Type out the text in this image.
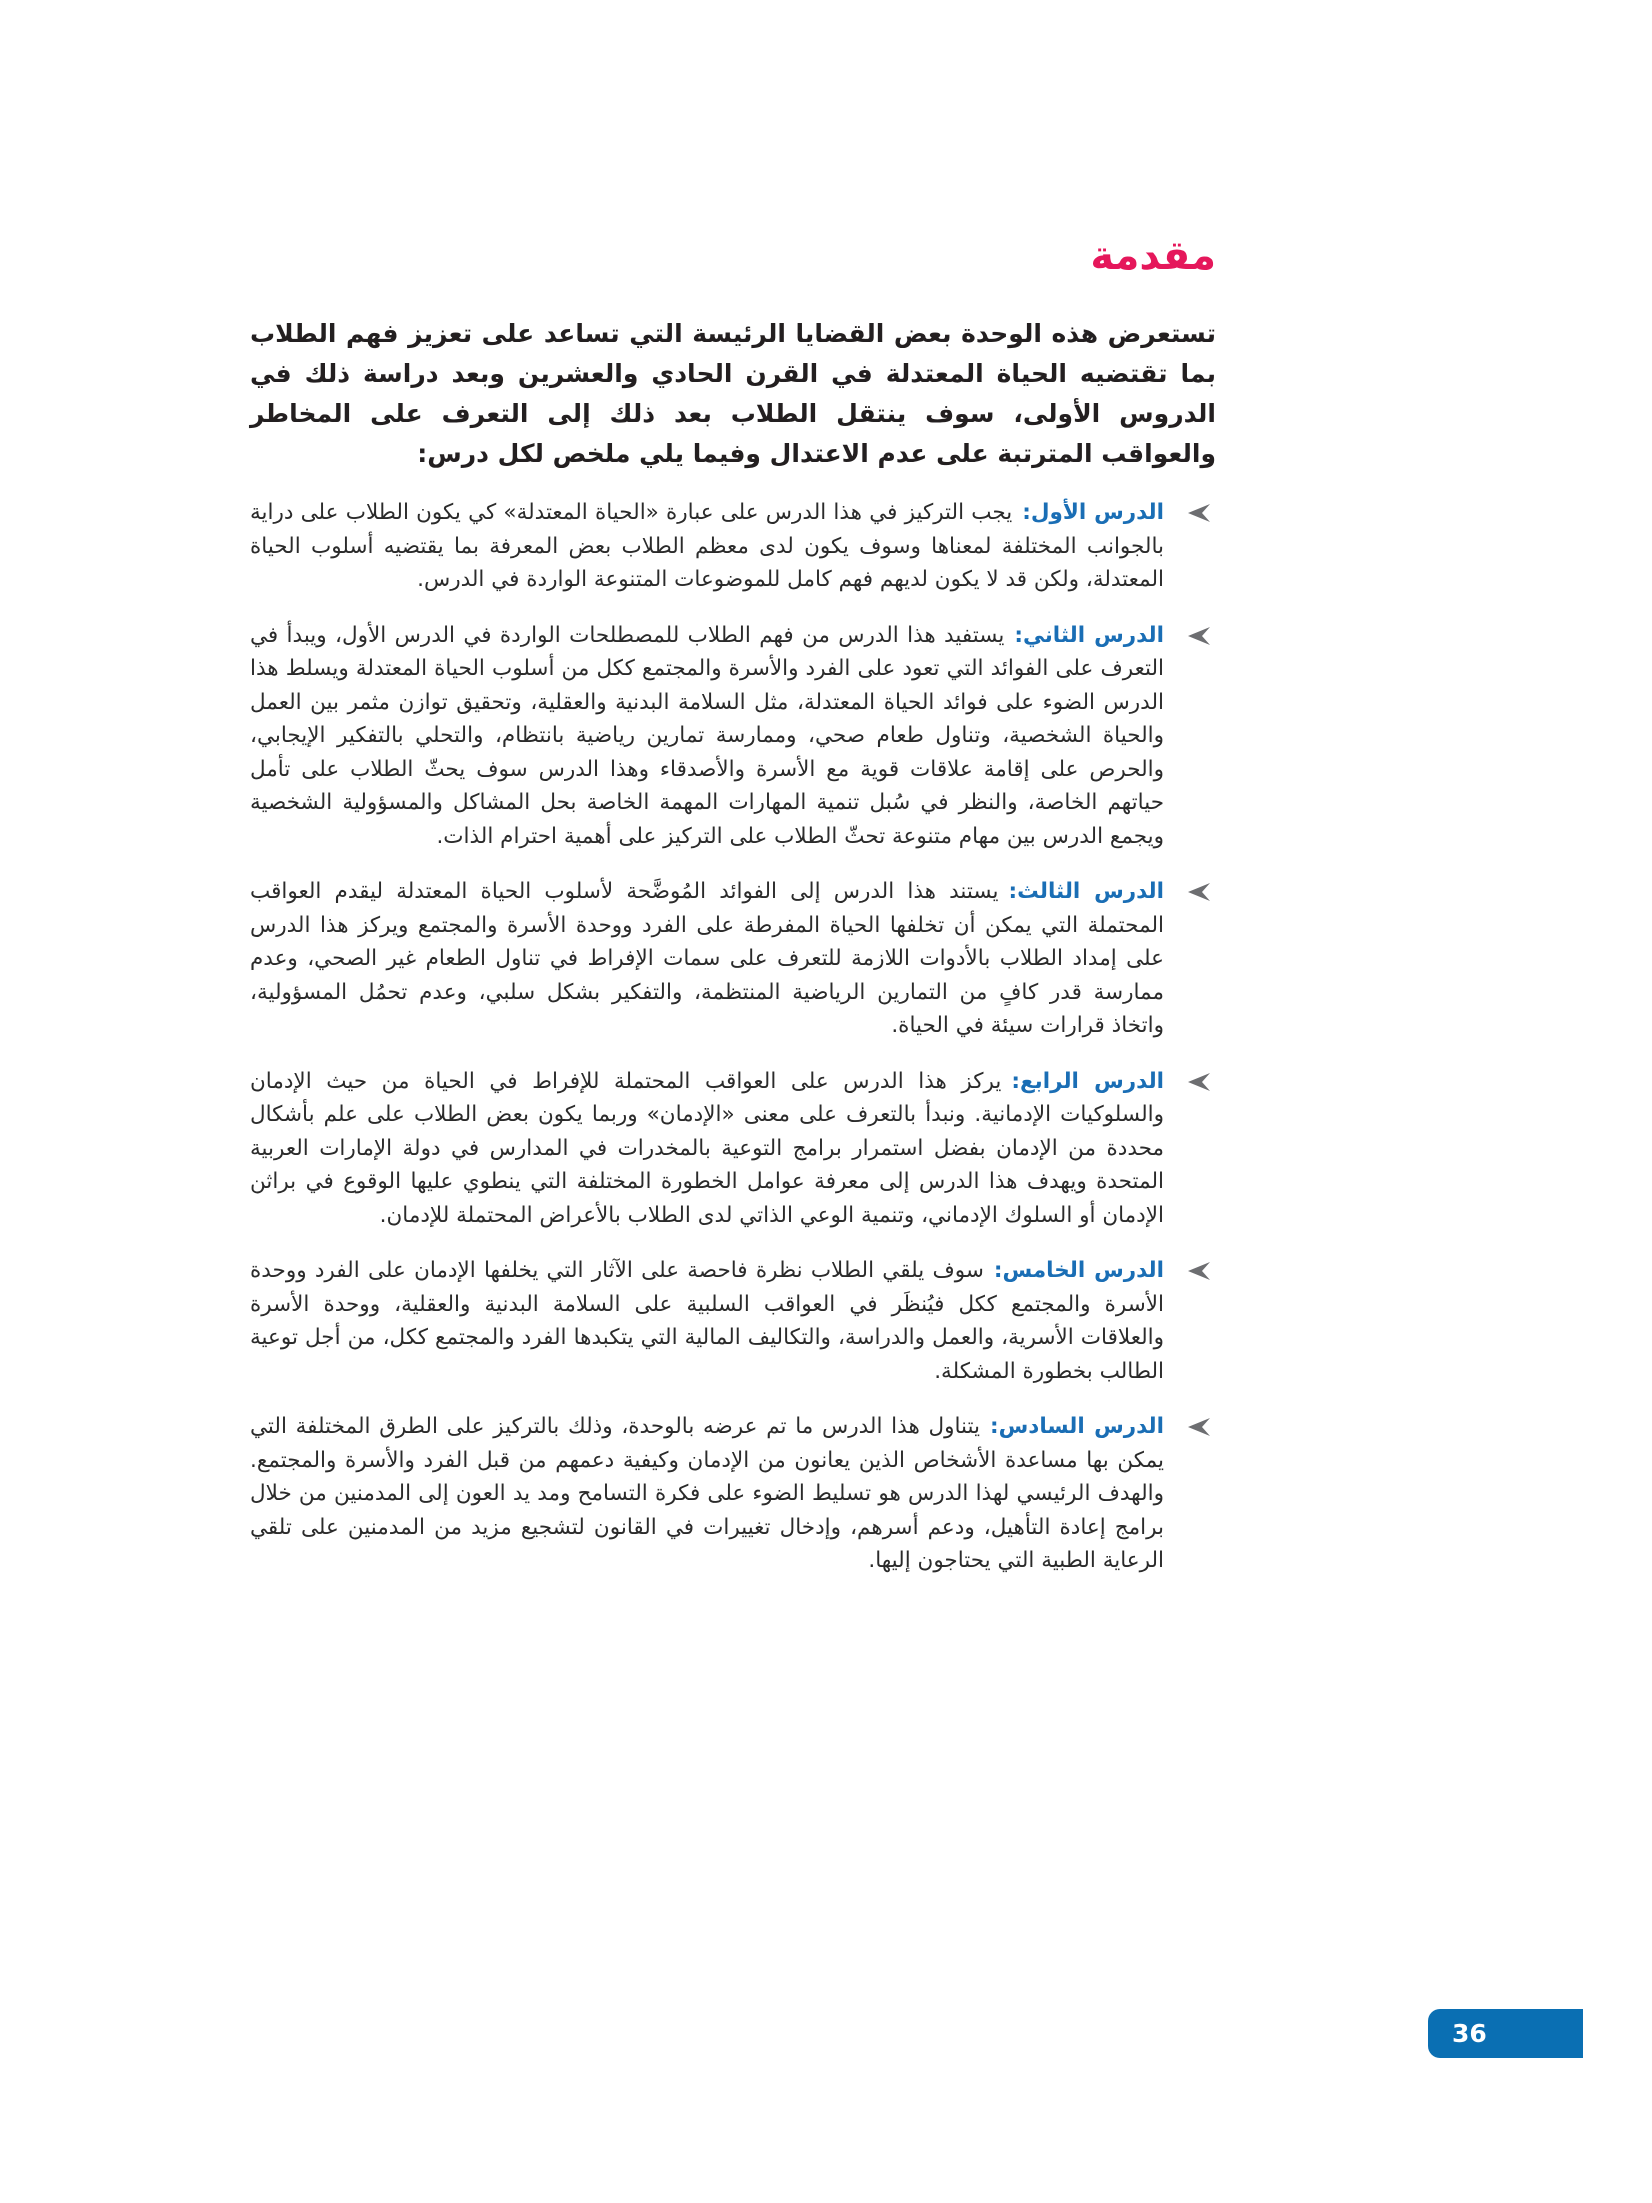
مقدمة

تستعرض هذه الوحدة بعض القضايا الرئيسة التي تساعد على تعزيز فهم الطلاب بما تقتضيه الحياة المعتدلة في القرن الحادي والعشرين وبعد دراسة ذلك في الدروس الأولى، سوف ينتقل الطلاب بعد ذلك إلى التعرف على المخاطر والعواقب المترتبة على عدم الاعتدال وفيما يلي ملخص لكل درس:

الدرس الأول:يجب التركيز في هذا الدرس على عبارة «الحياة المعتدلة» كي يكون الطلاب على دراية بالجوانب المختلفة لمعناها وسوف يكون لدى معظم الطلاب بعض المعرفة بما يقتضيه أسلوب الحياة المعتدلة، ولكن قد لا يكون لديهم فهم كامل للموضوعات المتنوعة الواردة في الدرس.
الدرس الثاني:يستفيد هذا الدرس من فهم الطلاب للمصطلحات الواردة في الدرس الأول، ويبدأ في التعرف على الفوائد التي تعود على الفرد والأسرة والمجتمع ككل من أسلوب الحياة المعتدلة ويسلط هذا الدرس الضوء على فوائد الحياة المعتدلة، مثل السلامة البدنية والعقلية، وتحقيق توازن مثمر بين العمل والحياة الشخصية، وتناول طعام صحي، وممارسة تمارين رياضية بانتظام، والتحلي بالتفكير الإيجابي، والحرص على إقامة علاقات قوية مع الأسرة والأصدقاء وهذا الدرس سوف يحثّ الطلاب على تأمل حياتهم الخاصة، والنظر في سُبل تنمية المهارات المهمة الخاصة بحل المشاكل والمسؤولية الشخصية ويجمع الدرس بين مهام متنوعة تحثّ الطلاب على التركيز على أهمية احترام الذات.
الدرس الثالث:يستند هذا الدرس إلى الفوائد المُوضَّحة لأسلوب الحياة المعتدلة ليقدم العواقب المحتملة التي يمكن أن تخلفها الحياة المفرطة على الفرد ووحدة الأسرة والمجتمع ويركز هذا الدرس على إمداد الطلاب بالأدوات اللازمة للتعرف على سمات الإفراط في تناول الطعام غير الصحي، وعدم ممارسة قدر كافٍ من التمارين الرياضية المنتظمة، والتفكير بشكل سلبي، وعدم تحمُل المسؤولية، واتخاذ قرارات سيئة في الحياة.
الدرس الرابع:يركز هذا الدرس على العواقب المحتملة للإفراط في الحياة من حيث الإدمان والسلوكيات الإدمانية. ونبدأ بالتعرف على معنى «الإدمان» وربما يكون بعض الطلاب على علم بأشكال محددة من الإدمان بفضل استمرار برامج التوعية بالمخدرات في المدارس في دولة الإمارات العربية المتحدة ويهدف هذا الدرس إلى معرفة عوامل الخطورة المختلفة التي ينطوي عليها الوقوع في براثن الإدمان أو السلوك الإدماني، وتنمية الوعي الذاتي لدى الطلاب بالأعراض المحتملة للإدمان.
الدرس الخامس:سوف يلقي الطلاب نظرة فاحصة على الآثار التي يخلفها الإدمان على الفرد ووحدة الأسرة والمجتمع ككل فيُنظَر في العواقب السلبية على السلامة البدنية والعقلية، ووحدة الأسرة والعلاقات الأسرية، والعمل والدراسة، والتكاليف المالية التي يتكبدها الفرد والمجتمع ككل، من أجل توعية الطالب بخطورة المشكلة.
الدرس السادس:يتناول هذا الدرس ما تم عرضه بالوحدة، وذلك بالتركيز على الطرق المختلفة التي يمكن بها مساعدة الأشخاص الذين يعانون من الإدمان وكيفية دعمهم من قبل الفرد والأسرة والمجتمع. والهدف الرئيسي لهذا الدرس هو تسليط الضوء على فكرة التسامح ومد يد العون إلى المدمنين من خلال برامج إعادة التأهيل، ودعم أسرهم، وإدخال تغييرات في القانون لتشجيع مزيد من المدمنين على تلقي الرعاية الطبية التي يحتاجون إليها.
36
